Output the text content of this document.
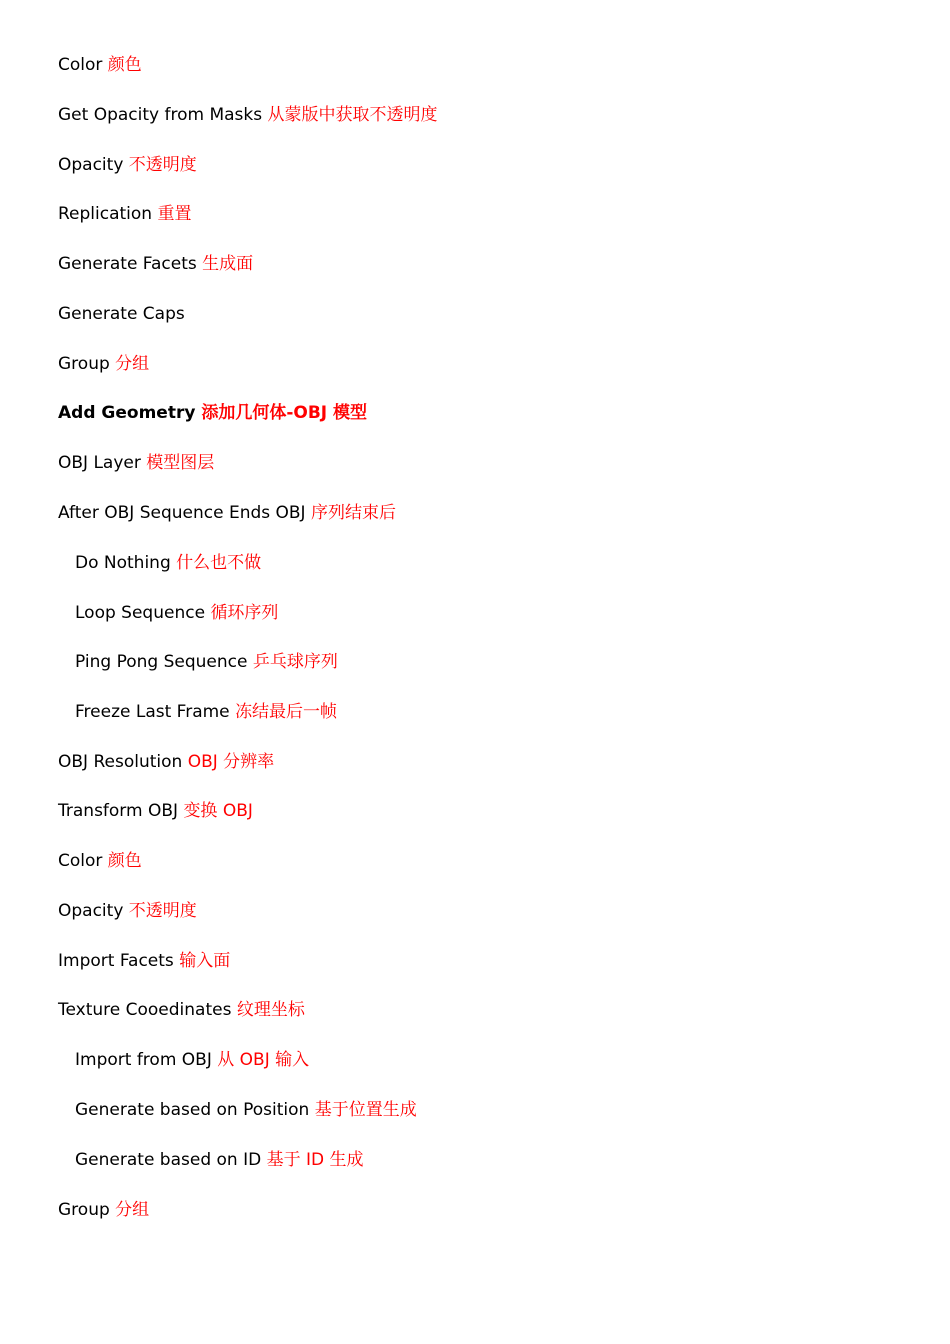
Color 颜色
Get Opacity from Masks 从蒙版中获取不透明度
Opacity 不透明度
Replication 重置
Generate Facets 生成面
Generate Caps
Group 分组
Add Geometry 添加几何体-OBJ 模型
OBJ Layer 模型图层
After OBJ Sequence Ends OBJ 序列结束后
Do Nothing 什么也不做
Loop Sequence 循环序列
Ping Pong Sequence 乒乓球序列
Freeze Last Frame 冻结最后一帧
OBJ Resolution OBJ 分辨率
Transform OBJ 变换 OBJ
Color 颜色
Opacity 不透明度
Import Facets 输入面
Texture Cooedinates 纹理坐标
Import from OBJ 从 OBJ 输入
Generate based on Position 基于位置生成
Generate based on ID 基于 ID 生成
Group 分组
